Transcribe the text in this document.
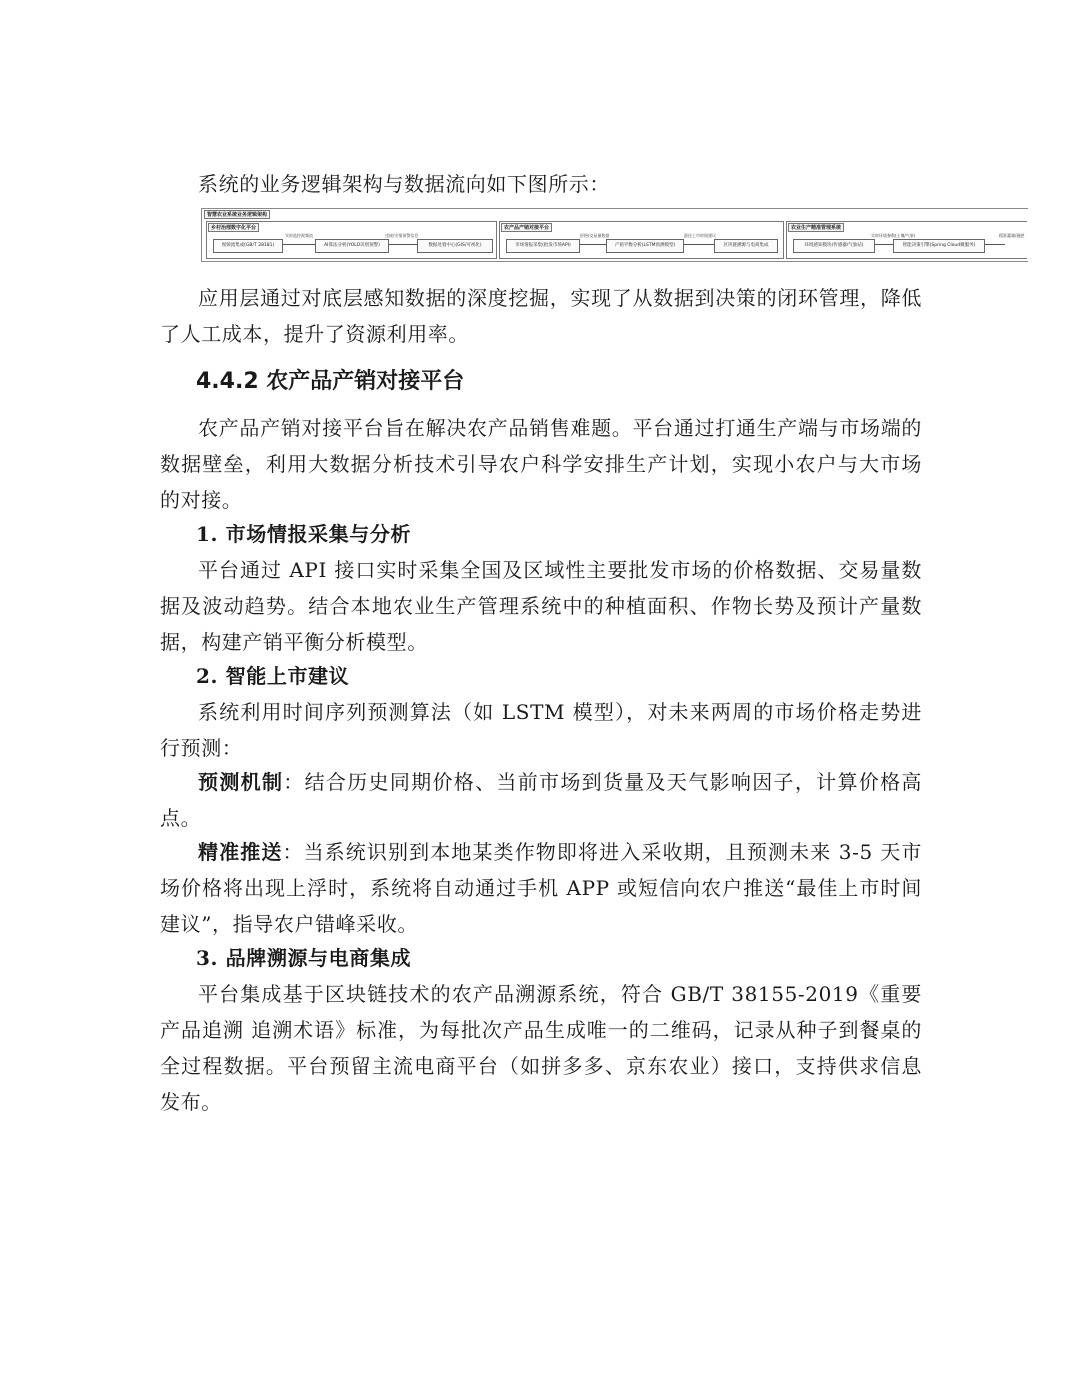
系统的业务逻辑架构与数据流向如下图所示：

智慧农业系统业务逻辑架构
乡村治理数字化平台
视频流集成(GB/T 28181)
实时监控视频流
AI算法分析(YOLO识别预警)
违规/灾情预警信息
数据处置中心(GIS/可视化)
农产品产销对接平台
市场情报采集(批发市场API)
价格/交易量数据
产销平衡分析(LSTM预测模型)
最佳上市时间建议
区块链溯源与电商集成
农业生产精准管理系统
环境感知模块(传感器/气象站)
实时环境参数(土壤/气象)
智能决策引擎(Spring Cloud微服务)
精准灌溉/施肥

应用层通过对底层感知数据的深度挖掘，实现了从数据到决策的闭环管理，降低了人工成本，提升了资源利用率。

4.4.2 农产品产销对接平台

农产品产销对接平台旨在解决农产品销售难题。平台通过打通生产端与市场端的数据壁垒，利用大数据分析技术引导农户科学安排生产计划，实现小农户与大市场的对接。

1. 市场情报采集与分析

平台通过 API 接口实时采集全国及区域性主要批发市场的价格数据、交易量数据及波动趋势。结合本地农业生产管理系统中的种植面积、作物长势及预计产量数据，构建产销平衡分析模型。

2. 智能上市建议

系统利用时间序列预测算法（如 LSTM 模型），对未来两周的市场价格走势进行预测：

预测机制：结合历史同期价格、当前市场到货量及天气影响因子，计算价格高点。

精准推送：当系统识别到本地某类作物即将进入采收期，且预测未来 3-5 天市场价格将出现上浮时，系统将自动通过手机 APP 或短信向农户推送“最佳上市时间建议”，指导农户错峰采收。

3. 品牌溯源与电商集成

平台集成基于区块链技术的农产品溯源系统，符合 GB/T 38155-2019《重要产品追溯 追溯术语》标准，为每批次产品生成唯一的二维码，记录从种子到餐桌的全过程数据。平台预留主流电商平台（如拼多多、京东农业）接口，支持供求信息发布。
